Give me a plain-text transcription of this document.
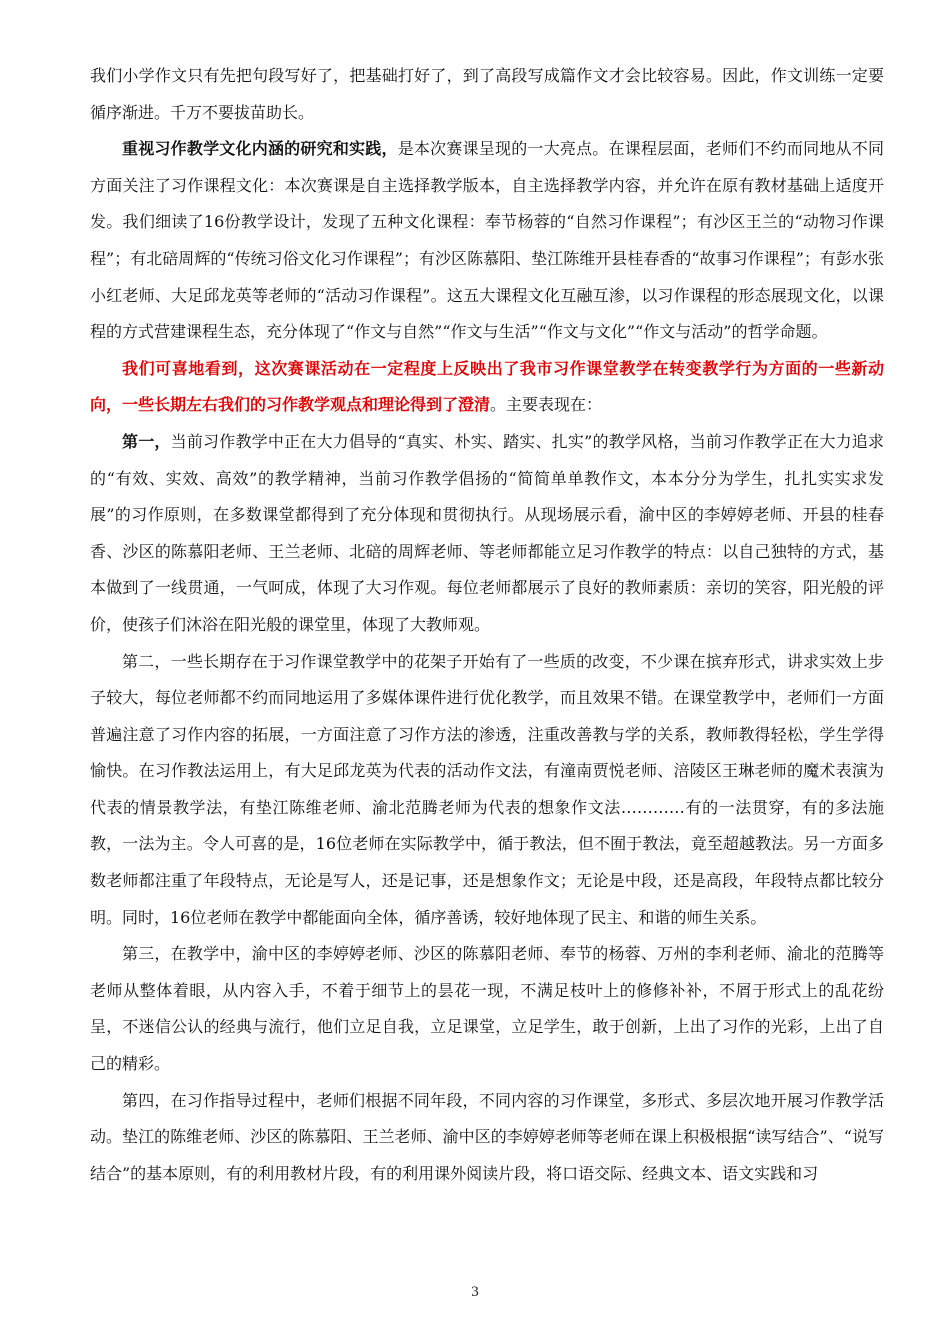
我们小学作文只有先把句段写好了，把基础打好了，到了高段写成篇作文才会比较容易。因此，作文训练一定要循序渐进。千万不要拔苗助长。

重视习作教学文化内涵的研究和实践，是本次赛课呈现的一大亮点。在课程层面，老师们不约而同地从不同方面关注了习作课程文化：本次赛课是自主选择教学版本，自主选择教学内容，并允许在原有教材基础上适度开发。我们细读了16份教学设计，发现了五种文化课程：奉节杨蓉的“自然习作课程”；有沙区王兰的“动物习作课程”；有北碚周辉的“传统习俗文化习作课程”；有沙区陈慕阳、垫江陈维开县桂春香的“故事习作课程”；有彭水张小红老师、大足邱龙英等老师的“活动习作课程”。这五大课程文化互融互渗，以习作课程的形态展现文化，以课程的方式营建课程生态，充分体现了“作文与自然”“作文与生活”“作文与文化”“作文与活动”的哲学命题。

我们可喜地看到，这次赛课活动在一定程度上反映出了我市习作课堂教学在转变教学行为方面的一些新动向，一些长期左右我们的习作教学观点和理论得到了澄清。主要表现在：

第一，当前习作教学中正在大力倡导的“真实、朴实、踏实、扎实”的教学风格，当前习作教学正在大力追求的“有效、实效、高效”的教学精神，当前习作教学倡扬的“简简单单教作文，本本分分为学生，扎扎实实求发展”的习作原则，在多数课堂都得到了充分体现和贯彻执行。从现场展示看，渝中区的李婷婷老师、开县的桂春香、沙区的陈慕阳老师、王兰老师、北碚的周辉老师、等老师都能立足习作教学的特点：以自己独特的方式，基本做到了一线贯通，一气呵成，体现了大习作观。每位老师都展示了良好的教师素质：亲切的笑容，阳光般的评价，使孩子们沐浴在阳光般的课堂里，体现了大教师观。

第二，一些长期存在于习作课堂教学中的花架子开始有了一些质的改变，不少课在摈弃形式，讲求实效上步子较大，每位老师都不约而同地运用了多媒体课件进行优化教学，而且效果不错。在课堂教学中，老师们一方面普遍注意了习作内容的拓展，一方面注意了习作方法的渗透，注重改善教与学的关系，教师教得轻松，学生学得愉快。在习作教法运用上，有大足邱龙英为代表的活动作文法，有潼南贾悦老师、涪陵区王琳老师的魔术表演为代表的情景教学法，有垫江陈维老师、渝北范腾老师为代表的想象作文法…………有的一法贯穿，有的多法施教，一法为主。令人可喜的是，16位老师在实际教学中，循于教法，但不囿于教法，竟至超越教法。另一方面多数老师都注重了年段特点，无论是写人，还是记事，还是想象作文；无论是中段，还是高段，年段特点都比较分明。同时，16位老师在教学中都能面向全体，循序善诱，较好地体现了民主、和谐的师生关系。

第三，在教学中，渝中区的李婷婷老师、沙区的陈慕阳老师、奉节的杨蓉、万州的李利老师、渝北的范腾等老师从整体着眼，从内容入手，不着于细节上的昙花一现，不满足枝叶上的修修补补，不屑于形式上的乱花纷呈，不迷信公认的经典与流行，他们立足自我，立足课堂，立足学生，敢于创新，上出了习作的光彩，上出了自己的精彩。

第四，在习作指导过程中，老师们根据不同年段，不同内容的习作课堂，多形式、多层次地开展习作教学活动。垫江的陈维老师、沙区的陈慕阳、王兰老师、渝中区的李婷婷老师等老师在课上积极根据“读写结合”、“说写结合”的基本原则，有的利用教材片段，有的利用课外阅读片段，将口语交际、经典文本、语文实践和习

3
